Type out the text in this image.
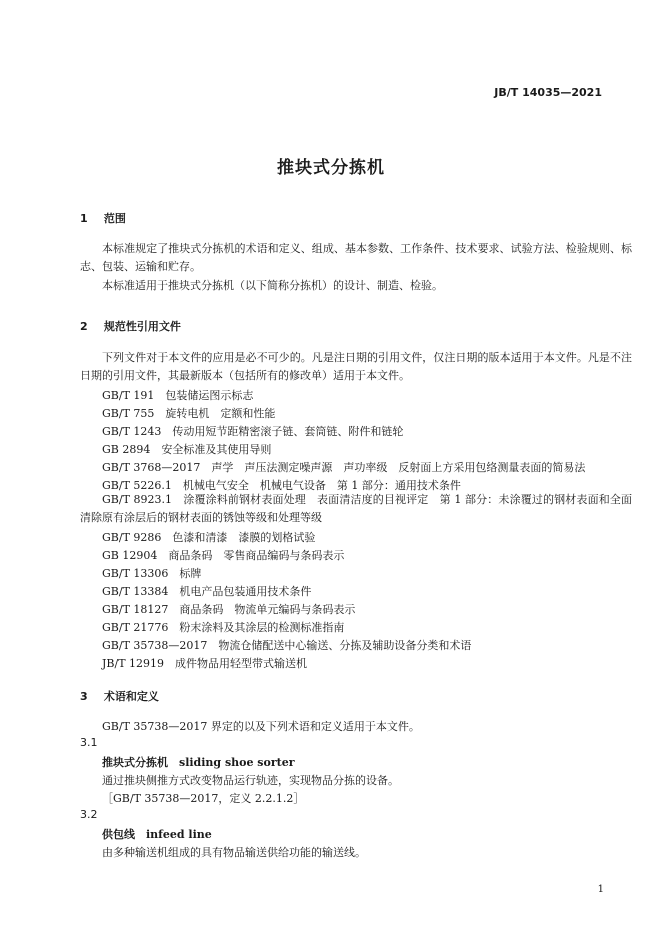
JB/T 14035—2021
推块式分拣机
1 范围
本标准规定了推块式分拣机的术语和定义、组成、基本参数、工作条件、技术要求、试验方法、检验规则、标志、包装、运输和贮存。
本标准适用于推块式分拣机（以下简称分拣机）的设计、制造、检验。
2 规范性引用文件
下列文件对于本文件的应用是必不可少的。凡是注日期的引用文件，仅注日期的版本适用于本文件。凡是不注日期的引用文件，其最新版本（包括所有的修改单）适用于本文件。
GB/T 191　包装储运图示标志
GB/T 755　旋转电机　定额和性能
GB/T 1243　传动用短节距精密滚子链、套筒链、附件和链轮
GB 2894　安全标准及其使用导则
GB/T 3768—2017　声学　声压法测定噪声源　声功率级　反射面上方采用包络测量表面的简易法
GB/T 5226.1　机械电气安全　机械电气设备　第 1 部分：通用技术条件
GB/T 8923.1　涂覆涂料前钢材表面处理　表面清洁度的目视评定　第 1 部分：未涂覆过的钢材表面和全面清除原有涂层后的钢材表面的锈蚀等级和处理等级
GB/T 9286　色漆和清漆　漆膜的划格试验
GB 12904　商品条码　零售商品编码与条码表示
GB/T 13306　标牌
GB/T 13384　机电产品包装通用技术条件
GB/T 18127　商品条码　物流单元编码与条码表示
GB/T 21776　粉末涂料及其涂层的检测标准指南
GB/T 35738—2017　物流仓储配送中心输送、分拣及辅助设备分类和术语
JB/T 12919　成件物品用轻型带式输送机
3 术语和定义
GB/T 35738—2017 界定的以及下列术语和定义适用于本文件。
3.1
推块式分拣机　sliding shoe sorter
通过推块侧推方式改变物品运行轨迹，实现物品分拣的设备。
［GB/T 35738—2017，定义 2.2.1.2］
3.2
供包线　infeed line
由多种输送机组成的具有物品输送供给功能的输送线。
1
